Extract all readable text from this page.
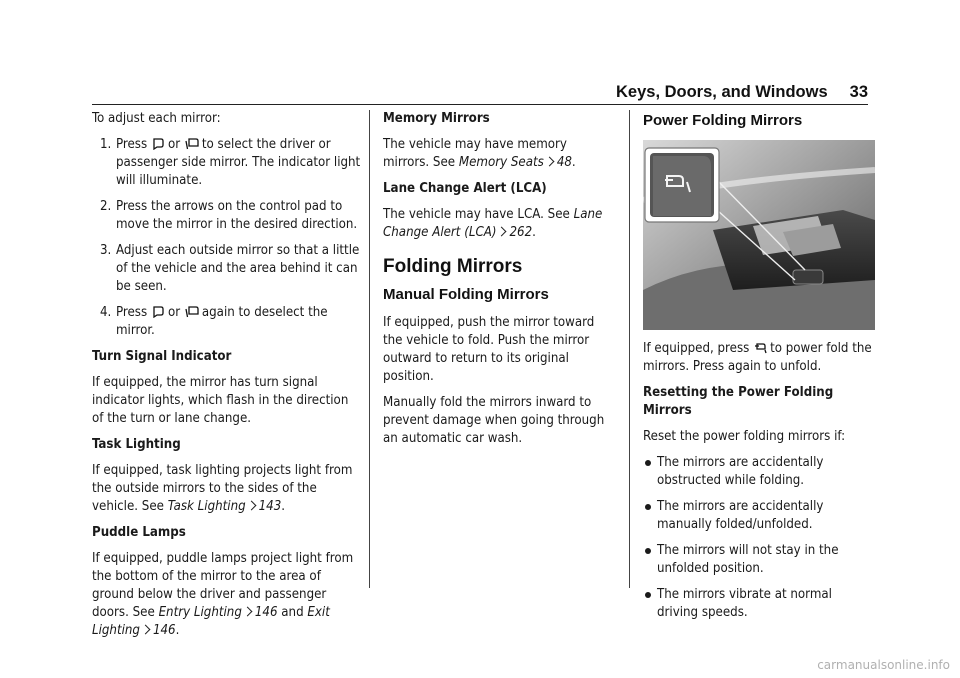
Keys, Doors, and Windows 33

To adjust each mirror:

1. Press or to select the driver or passenger side mirror. The indicator light will illuminate.
2. Press the arrows on the control pad to move the mirror in the desired direction.
3. Adjust each outside mirror so that a little of the vehicle and the area behind it can be seen.
4. Press or again to deselect the mirror.

Turn Signal Indicator

If equipped, the mirror has turn signal indicator lights, which flash in the direction of the turn or lane change.

Task Lighting

If equipped, task lighting projects light from the outside mirrors to the sides of the vehicle. See Task Lighting 143.

Puddle Lamps

If equipped, puddle lamps project light from the bottom of the mirror to the area of ground below the driver and passenger doors. See Entry Lighting 146 and Exit Lighting 146.

Memory Mirrors

The vehicle may have memory mirrors. See Memory Seats 48.

Lane Change Alert (LCA)

The vehicle may have LCA. See Lane Change Alert (LCA) 262.

Folding Mirrors
Manual Folding Mirrors

If equipped, push the mirror toward the vehicle to fold. Push the mirror outward to return to its original position.

Manually fold the mirrors inward to prevent damage when going through an automatic car wash.

Power Folding Mirrors

If equipped, press to power fold the mirrors. Press again to unfold.

Resetting the Power Folding Mirrors

Reset the power folding mirrors if:

The mirrors are accidentally obstructed while folding.
The mirrors are accidentally manually folded/unfolded.
The mirrors will not stay in the unfolded position.
The mirrors vibrate at normal driving speeds.
carmanualsonline.info
